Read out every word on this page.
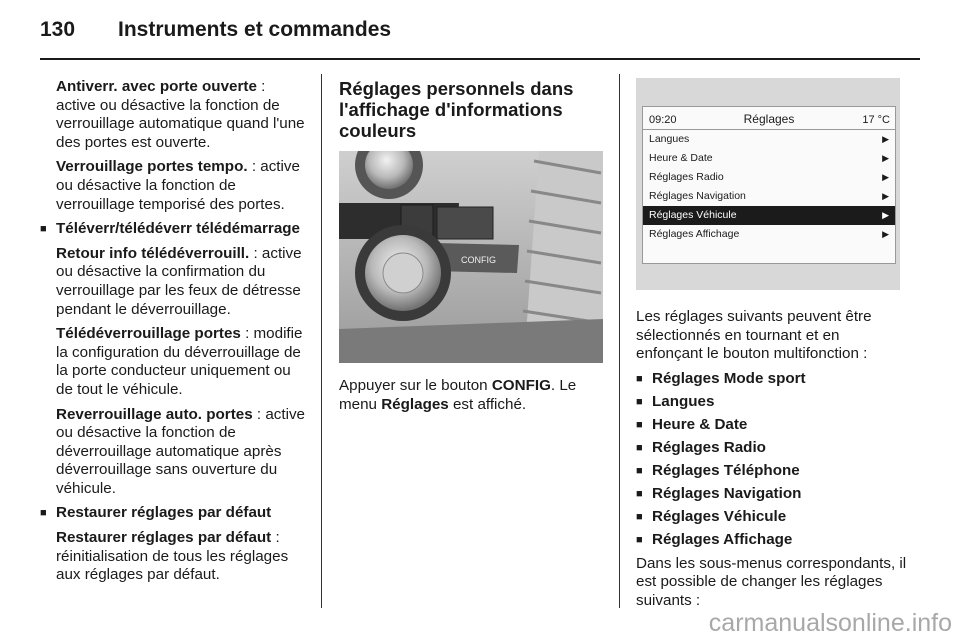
130 Instruments et commandes

Antiverr. avec porte ouverte : active ou désactive la fonction de verrouillage automatique quand l'une des portes est ouverte.

Verrouillage portes tempo. : active ou désactive la fonction de verrouillage temporisé des portes.

■ Téléverr/télédéverr télédémarrage

Retour info télédéverrouill. : active ou désactive la confirmation du verrouillage par les feux de détresse pendant le déverrouillage.

Télédéverrouillage portes : modifie la configuration du déverrouillage de la porte conducteur uniquement ou de tout le véhicule.

Reverrouillage auto. portes : active ou désactive la fonction de déverrouillage automatique après déverrouillage sans ouverture du véhicule.

■ Restaurer réglages par défaut

Restaurer réglages par défaut : réinitialisation de tous les réglages aux réglages par défaut.

Réglages personnels dans l'affichage d'informations couleurs
CONFIG

Appuyer sur le bouton CONFIG. Le menu Réglages est affiché.

09:20	Réglages	17 °C
Langues	▶
Heure & Date	▶
Réglages Radio	▶
Réglages Navigation	▶
Réglages Véhicule	▶
Réglages Affichage	▶

Les réglages suivants peuvent être sélectionnés en tournant et en enfonçant le bouton multifonction :

■ Réglages Mode sport
■ Langues
■ Heure & Date
■ Réglages Radio
■ Réglages Téléphone
■ Réglages Navigation
■ Réglages Véhicule
■ Réglages Affichage

Dans les sous-menus correspondants, il est possible de changer les réglages suivants :

carmanualsonline.info
